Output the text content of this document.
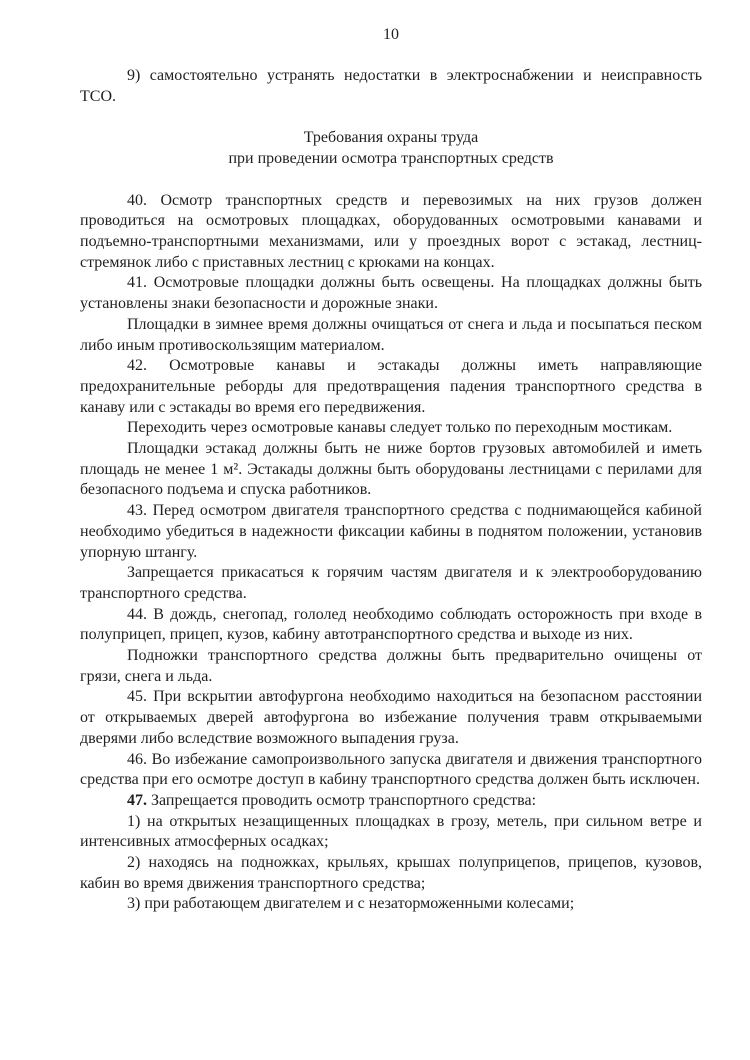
10

9) самостоятельно устранять недостатки в электроснабжении и неисправность ТСО.

Требования охраны труда
при проведении осмотра транспортных средств

40. Осмотр транспортных средств и перевозимых на них грузов должен проводиться на осмотровых площадках, оборудованных осмотровыми канавами и подъемно-транспортными механизмами, или у проездных ворот с эстакад, лестниц-стремянок либо с приставных лестниц с крюками на концах.

41. Осмотровые площадки должны быть освещены. На площадках должны быть установлены знаки безопасности и дорожные знаки.

Площадки в зимнее время должны очищаться от снега и льда и посыпаться песком либо иным противоскользящим материалом.

42. Осмотровые канавы и эстакады должны иметь направляющие предохранительные реборды для предотвращения падения транспортного средства в канаву или с эстакады во время его передвижения.

Переходить через осмотровые канавы следует только по переходным мостикам.

Площадки эстакад должны быть не ниже бортов грузовых автомобилей и иметь площадь не менее 1 м². Эстакады должны быть оборудованы лестницами с перилами для безопасного подъема и спуска работников.

43. Перед осмотром двигателя транспортного средства с поднимающейся кабиной необходимо убедиться в надежности фиксации кабины в поднятом положении, установив упорную штангу.

Запрещается прикасаться к горячим частям двигателя и к электрооборудованию транспортного средства.

44. В дождь, снегопад, гололед необходимо соблюдать осторожность при входе в полуприцеп, прицеп, кузов, кабину автотранспортного средства и выходе из них.

Подножки транспортного средства должны быть предварительно очищены от грязи, снега и льда.

45. При вскрытии автофургона необходимо находиться на безопасном расстоянии от открываемых дверей автофургона во избежание получения травм открываемыми дверями либо вследствие возможного выпадения груза.

46. Во избежание самопроизвольного запуска двигателя и движения транспортного средства при его осмотре доступ в кабину транспортного средства должен быть исключен.

47. Запрещается проводить осмотр транспортного средства:

1) на открытых незащищенных площадках в грозу, метель, при сильном ветре и интенсивных атмосферных осадках;

2) находясь на подножках, крыльях, крышах полуприцепов, прицепов, кузовов, кабин во время движения транспортного средства;

3) при работающем двигателем и с незаторможенными колесами;
